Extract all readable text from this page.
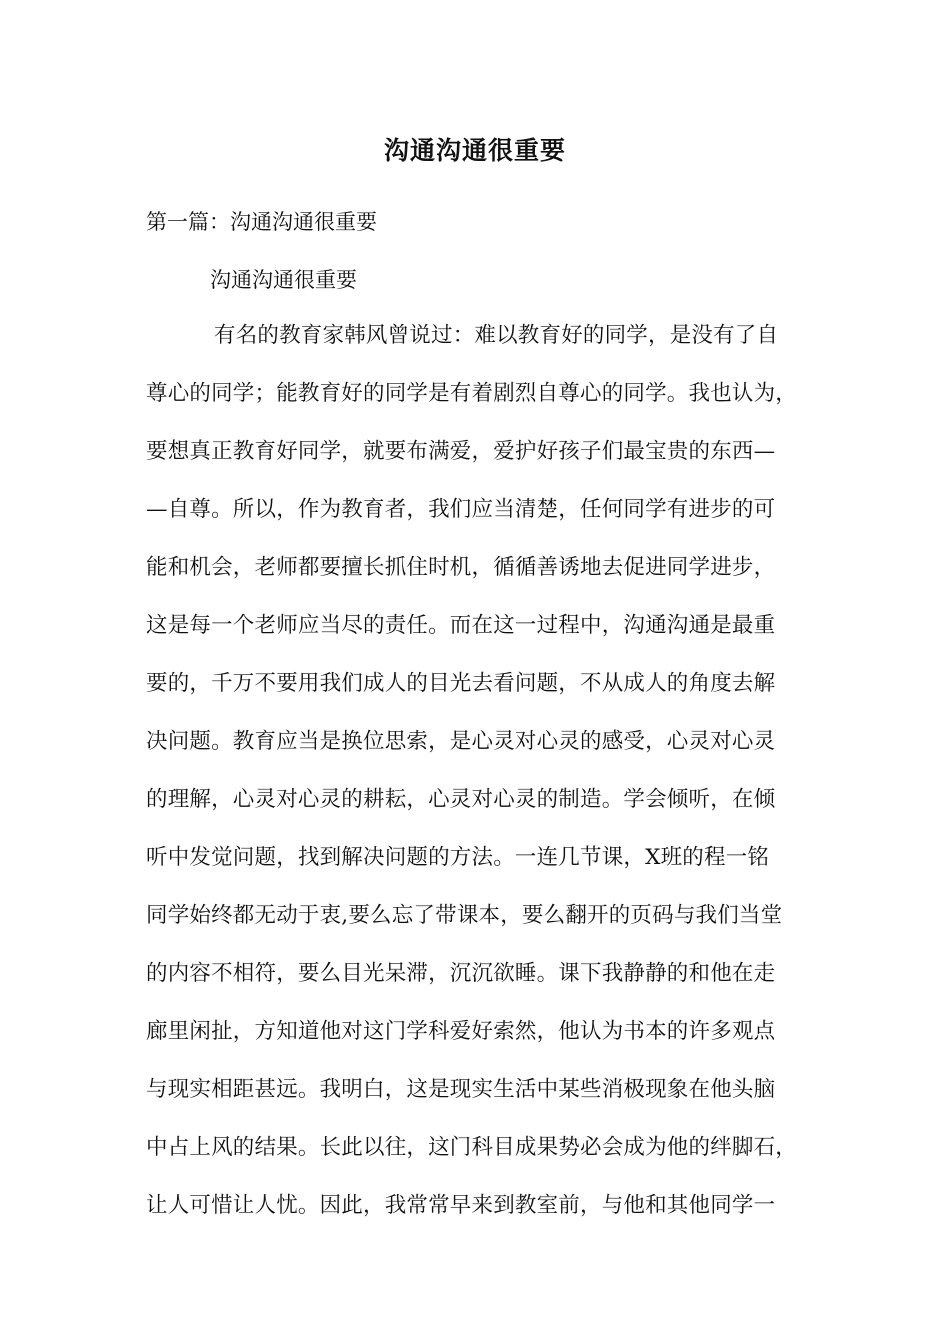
沟通沟通很重要
第一篇：沟通沟通很重要
沟通沟通很重要
有名的教育家韩风曾说过：难以教育好的同学，是没有了自
尊心的同学；能教育好的同学是有着剧烈自尊心的同学。我也认为，
要想真正教育好同学，就要布满爱，爱护好孩子们最宝贵的东西—
—自尊。所以，作为教育者，我们应当清楚，任何同学有进步的可
能和机会，老师都要擅长抓住时机，循循善诱地去促进同学进步，
这是每一个老师应当尽的责任。而在这一过程中，沟通沟通是最重
要的，千万不要用我们成人的目光去看问题，不从成人的角度去解
决问题。教育应当是换位思索，是心灵对心灵的感受，心灵对心灵
的理解，心灵对心灵的耕耘，心灵对心灵的制造。学会倾听，在倾
听中发觉问题，找到解决问题的方法。一连几节课，X班的程一铭
同学始终都无动于衷,要么忘了带课本，要么翻开的页码与我们当堂
的内容不相符，要么目光呆滞，沉沉欲睡。课下我静静的和他在走
廊里闲扯，方知道他对这门学科爱好索然，他认为书本的许多观点
与现实相距甚远。我明白，这是现实生活中某些消极现象在他头脑
中占上风的结果。长此以往，这门科目成果势必会成为他的绊脚石，
让人可惜让人忧。因此，我常常早来到教室前，与他和其他同学一
